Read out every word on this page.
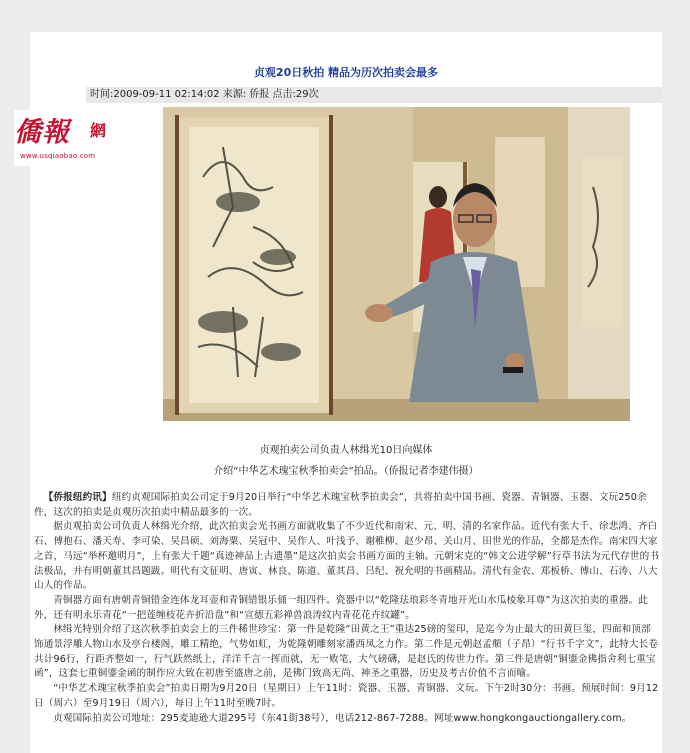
贞观20日秋拍 精品为历次拍卖会最多
时间:2009-09-11 02:14:02 来源: 侨报 点击:29次
僑報 網
www.usqiaobao.com
贞观拍卖公司负责人林缉光10日向媒体
介绍“中华艺术瑰宝秋季拍卖会”拍品。（侨报记者李建伟摄）

【侨报纽约讯】纽约贞观国际拍卖公司定于9月20日举行“中华艺术瑰宝秋季拍卖会”，共将拍卖中国书画、瓷器、青铜器、玉器、文玩250余件，这次的拍卖是贞观历次拍卖中精品最多的一次。

据贞观拍卖公司负责人林缉光介绍，此次拍卖会光书画方面就收集了不少近代和南宋、元、明、清的名家作品。近代有张大千、徐悲鸿、齐白石、傅抱石、潘天寿、李可染、吴昌硕、刘海粟、吴冠中、吴作人、叶浅予、谢稚柳、赵少昂、关山月、田世光的作品，全都是杰作。南宋四大家之首，马远“举杯邀明月”，上有张大千题“真迹神品上古遗墨”是这次拍卖会书画方面的主轴。元朝宋克的“韩文公进学解”行草书法为元代存世的书法极品，并有明朝董其昌题跋。明代有文征明、唐寅、林良、陈道、董其昌、吕纪、祝允明的书画精品。清代有金农、郑板桥、傅山、石涛、八大山人的作品。

青铜器方面有唐朝青铜错金连体龙耳壶和青铜错银乐俑一组四件。瓷器中以“乾隆珐琅彩冬青地开光山水瓜棱象耳尊”为这次拍卖的重器。此外，还有明永乐青花“一把莲缠枝花卉折沿盘”和“宣德五彩禅兽浪涛纹内青花花卉纹罐”。

林缉光特别介绍了这次秋季拍卖会上的三件稀世珍宝：第一件是乾隆“田黄之王”重达25磅的玺印，是迄今为止最大的田黄巨玺，四面和顶部饰通景浮雕人物山水及亭台楼阁，雕工精绝，气势如虹，为乾隆朝雕刻家潘西凤之力作。第二件是元朝赵孟頫（子昂）“行书千字文”，此特大长卷共计96行，行距齐整如一，行气跃然纸上，洋洋千言一挥而就，无一败笔，大气磅礴，是赵氏的传世力作。第三件是唐朝“铜鎏金佛指舍利七重宝函”，这套七重铜鎏金函的制作应大致在初唐至盛唐之前，是佛门致高无尚、神圣之重器，历史及考古价值不言而喻。

“中华艺术瑰宝秋季拍卖会”拍卖日期为9月20日（星期日）上午11时：瓷器、玉器、青铜器、文玩。下午2时30分：书画。预展时间：9月12日（周六）至9月19日（周六），每日上午11时至晚7时。

贞观国际拍卖公司地址：295麦迪逊大道295号（东41街38号），电话212-867-7288。网址www.hongkongauctiongallery.com。
